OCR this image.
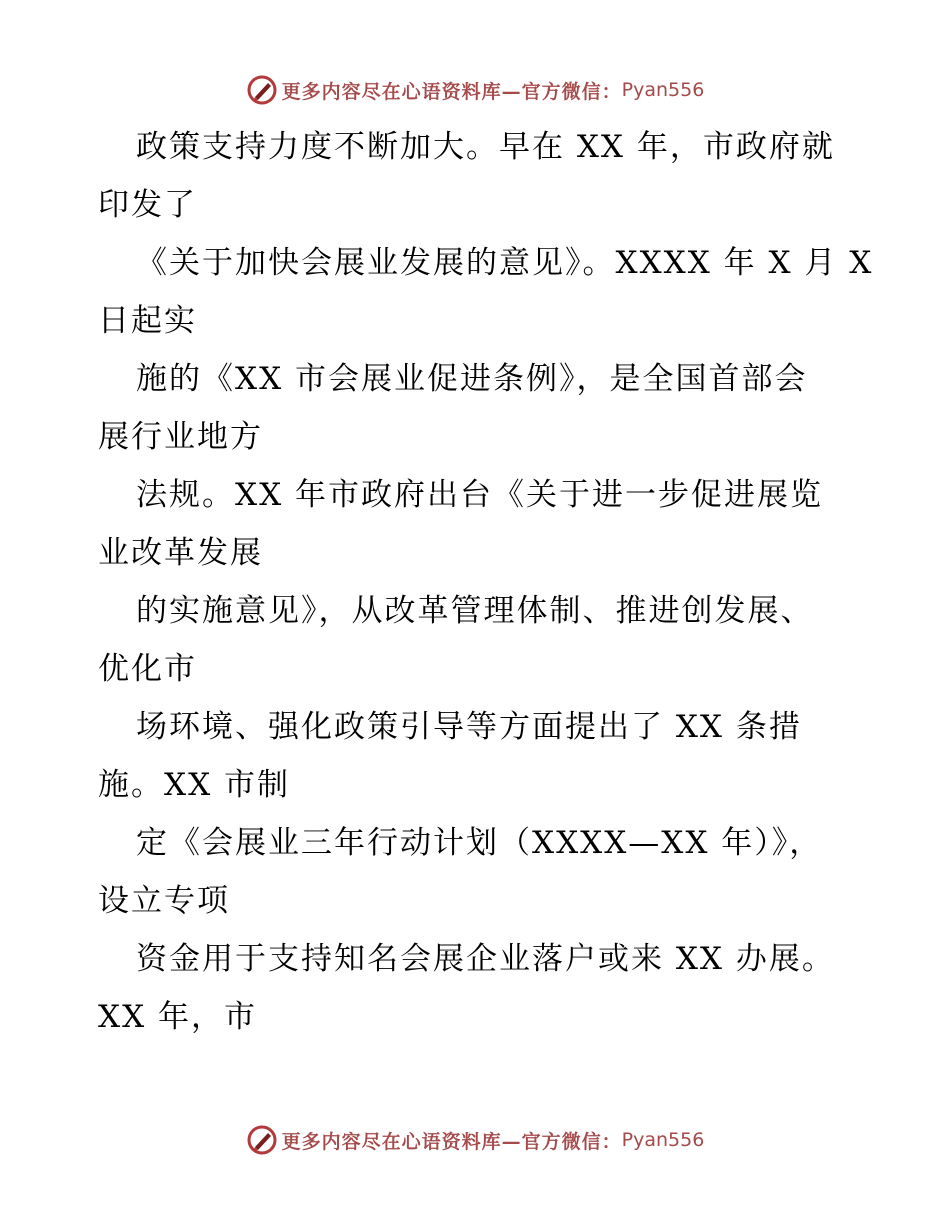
更多内容尽在心语资料库—官方微信： Pyan556
政策支持力度不断加大。早在 XX 年，市政府就
印发了
《关于加快会展业发展的意见》。XXXX 年 X 月 X
日起实
施的《XX 市会展业促进条例》，是全国首部会
展行业地方
法规。XX 年市政府出台《关于进一步促进展览
业改革发展
的实施意见》，从改革管理体制、推进创发展、
优化市
场环境、强化政策引导等方面提出了 XX 条措
施。XX 市制
定《会展业三年行动计划（XXXX—XX 年）》，
设立专项
资金用于支持知名会展企业落户或来 XX 办展。
XX 年，市
更多内容尽在心语资料库—官方微信： Pyan556
